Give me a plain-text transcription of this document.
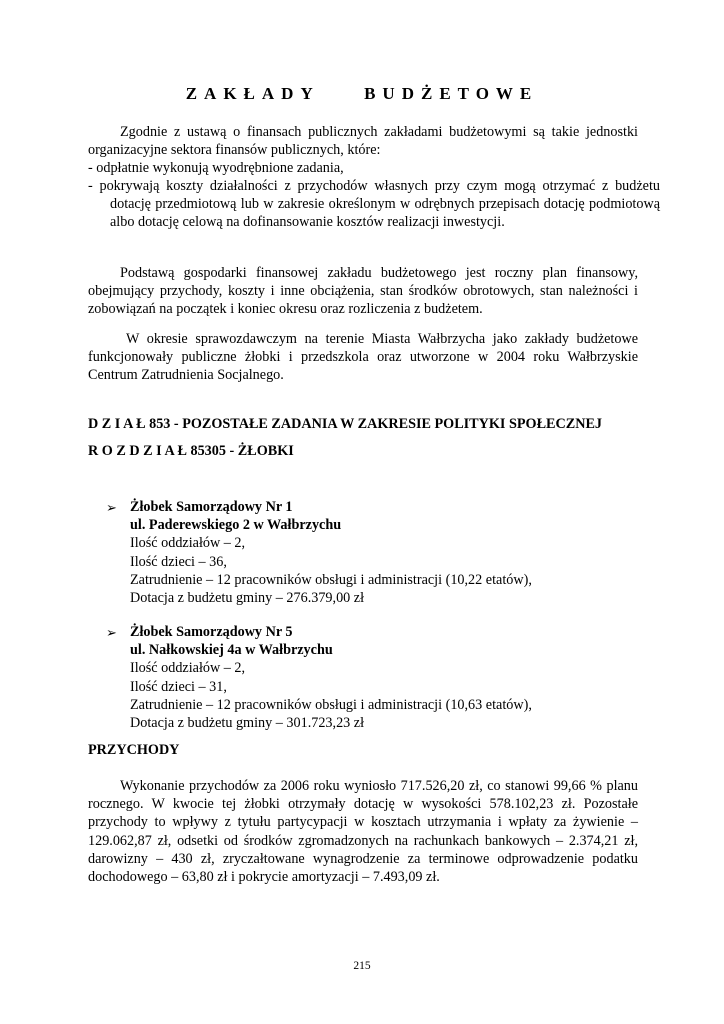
ZAKŁADY    BUDŻETOWE
Zgodnie z ustawą o finansach publicznych zakładami budżetowymi są takie jednostki organizacyjne sektora finansów publicznych, które:
- odpłatnie wykonują wyodrębnione zadania,
- pokrywają koszty działalności z przychodów własnych przy czym mogą otrzymać z budżetu dotację przedmiotową lub w zakresie określonym w odrębnych przepisach dotację podmiotową albo dotację celową na dofinansowanie kosztów realizacji inwestycji.
Podstawą gospodarki finansowej zakładu budżetowego jest roczny plan finansowy, obejmujący przychody, koszty i inne obciążenia, stan środków obrotowych, stan należności i zobowiązań na początek i koniec okresu oraz rozliczenia z budżetem.
W okresie sprawozdawczym na terenie Miasta Wałbrzycha jako zakłady budżetowe funkcjonowały publiczne żłobki i przedszkola oraz utworzone w 2004 roku Wałbrzyskie Centrum Zatrudnienia Socjalnego.
D Z I A Ł 853 - POZOSTAŁE ZADANIA W ZAKRESIE POLITYKI SPOŁECZNEJ
R O Z D Z I A Ł 85305 - ŻŁOBKI
➢ Żłobek Samorządowy Nr 1
ul. Paderewskiego 2 w Wałbrzychu
Ilość oddziałów – 2,
Ilość dzieci – 36,
Zatrudnienie – 12 pracowników obsługi i administracji (10,22 etatów),
Dotacja z budżetu gminy – 276.379,00 zł
➢ Żłobek Samorządowy Nr 5
ul. Nałkowskiej 4a w Wałbrzychu
Ilość oddziałów – 2,
Ilość dzieci – 31,
Zatrudnienie – 12 pracowników obsługi i administracji (10,63 etatów),
Dotacja z budżetu gminy – 301.723,23 zł
PRZYCHODY
Wykonanie przychodów za 2006 roku wyniosło 717.526,20 zł, co stanowi 99,66 % planu rocznego. W kwocie tej żłobki otrzymały dotację w wysokości 578.102,23 zł. Pozostałe przychody to wpływy z tytułu partycypacji w kosztach utrzymania i wpłaty za żywienie – 129.062,87 zł, odsetki od środków zgromadzonych na rachunkach bankowych – 2.374,21 zł, darowizny – 430 zł, zryczałtowane wynagrodzenie za terminowe odprowadzenie podatku dochodowego – 63,80 zł i pokrycie amortyzacji – 7.493,09 zł.
215
